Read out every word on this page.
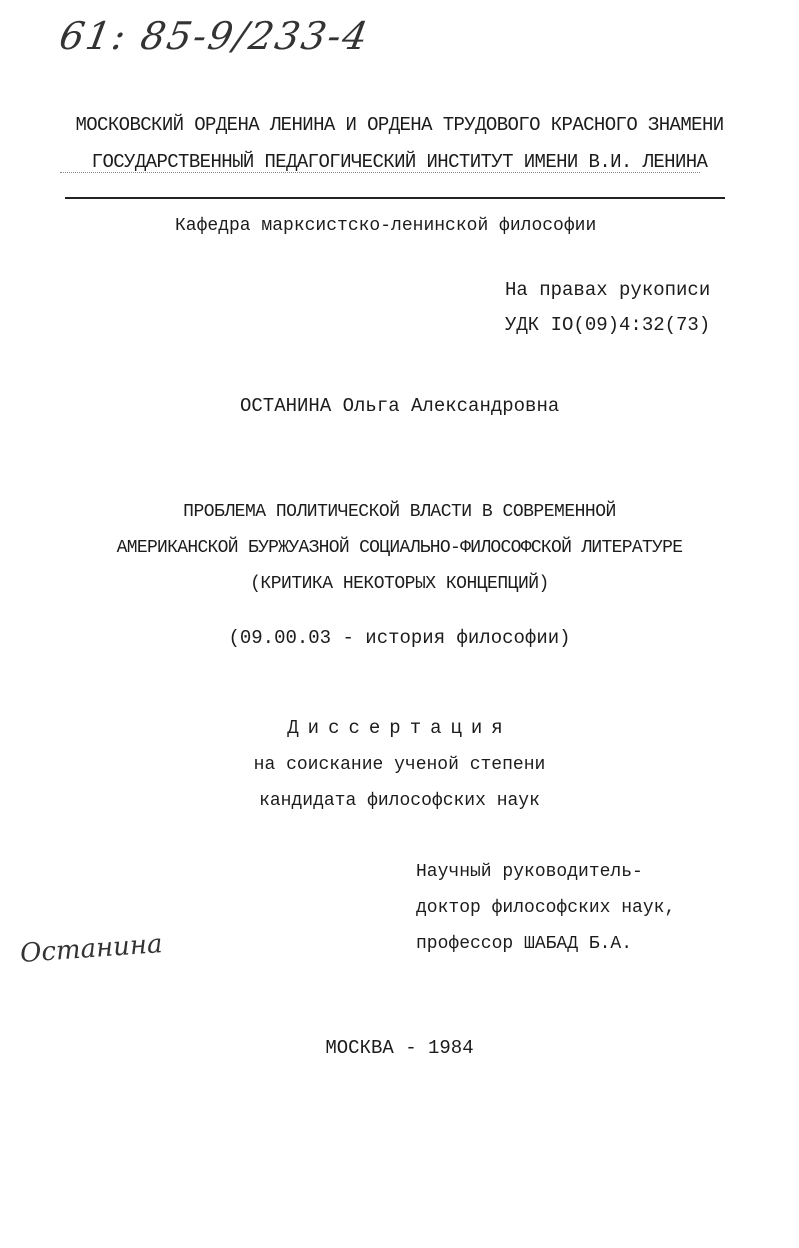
61: 85-9/233-4
МОСКОВСКИЙ ОРДЕНА ЛЕНИНА И ОРДЕНА ТРУДОВОГО КРАСНОГО ЗНАМЕНИ
ГОСУДАРСТВЕННЫЙ ПЕДАГОГИЧЕСКИЙ ИНСТИТУТ ИМЕНИ В.И. ЛЕНИНА
Кафедра марксистско-ленинской философии
На правах рукописи
УДК IO(09)4:32(73)
ОСТАНИНА Ольга Александровна
ПРОБЛЕМА ПОЛИТИЧЕСКОЙ ВЛАСТИ В СОВРЕМЕННОЙ
АМЕРИКАНСКОЙ БУРЖУАЗНОЙ СОЦИАЛЬНО-ФИЛОСОФСКОЙ ЛИТЕРАТУРЕ
(КРИТИКА НЕКОТОРЫХ КОНЦЕПЦИЙ)
(09.00.03 - история философии)
Диссертация
на соискание ученой степени
кандидата философских наук
Научный руководитель-
доктор философских наук,
профессор ШАБАД Б.А.
Останина
МОСКВА - 1984
